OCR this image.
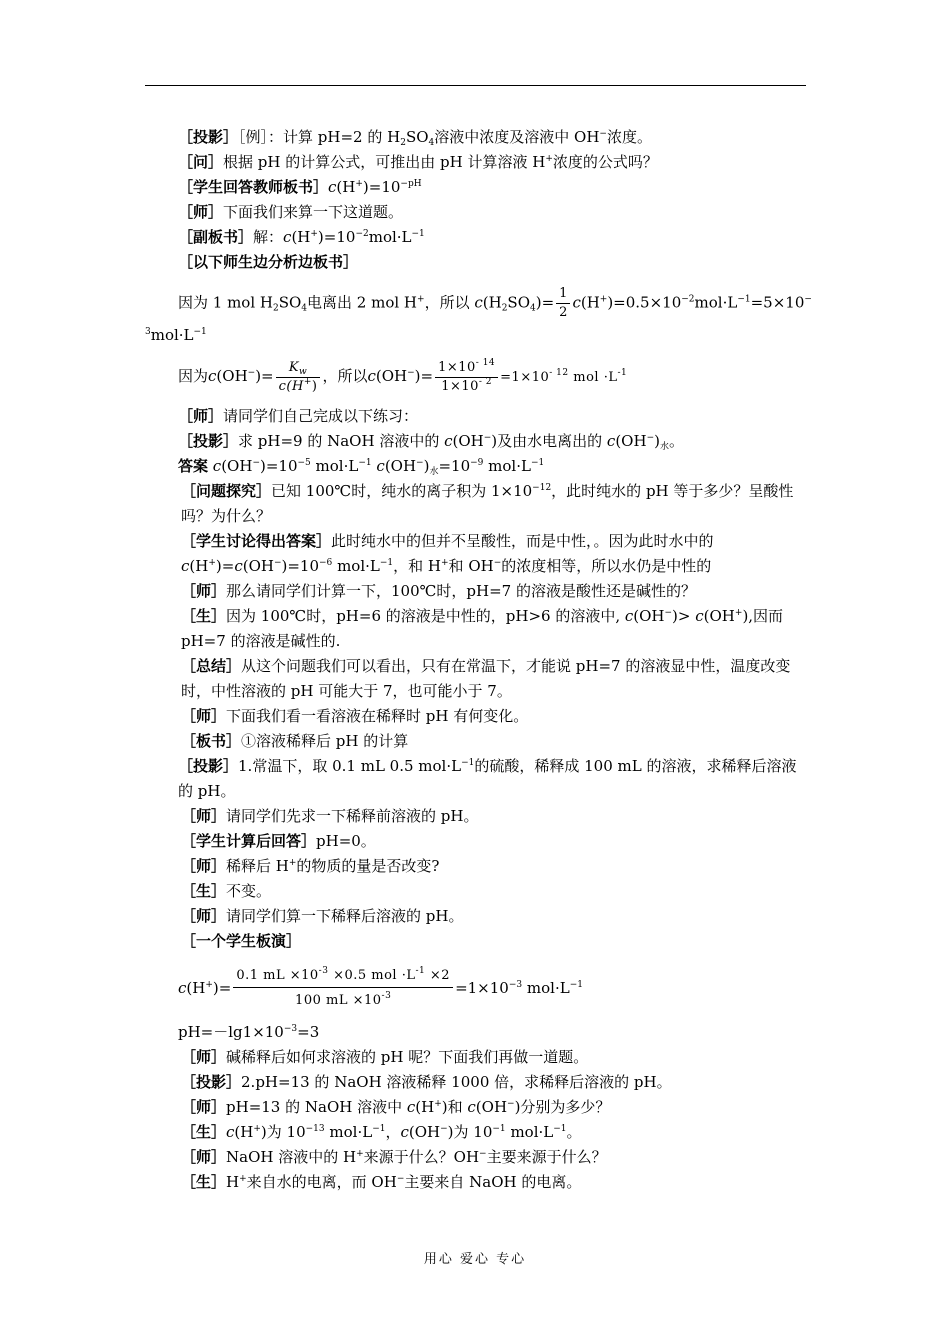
［投影］［例］：计算 pH=2 的 $H_2SO_4$溶液中浓度及溶液中 OH−浓度。

［问］根据 pH 的计算公式，可推出由 pH 计算溶液 H+浓度的公式吗？

［学生回答教师板书$]c(H^+)=10^{-pH}$

［师］下面我们来算一下这道题。

［副板书］解：$c(H^+)=10^{-2}mol\cdot L^{-1}$

［以下师生边分析边板书］

因为 1 mol $H_2SO_4$电离出 2 mol H+，所以 $c(H_2SO_4)= \frac{1}{2} c(H^+)=0.5\times 10^{-2}mol\cdot L^{-1}=5\times 10^-$

$^3mol\cdot L^{-1}$

因为$c(OH^-)= \frac{K_w}{c(H^+)}$ ，所以$c(OH^-)= \frac{1\times 10^{- 14}}{1\times 10^{- 2}} =1\times 10^{- 12}$ mol $\cdot L^{-1}$

［师］请同学们自己完成以下练习：

［投影］求 pH=9 的 NaOH 溶液中的 c(OH−)及由水电离出的 $c(OH^-)_水$。

答案 $c(OH^-)=10^{-5}$ $mol\cdot L^{-1}$ $c(OH^-)_水=10^{-9}$ $mol\cdot L^{-1}$

［问题探究］已知 100℃时，纯水的离子积为 $1\times 10^{-12}$，此时纯水的 pH 等于多少？呈酸性吗？为什么？

［学生讨论得出答案］此时纯水中的但并不呈酸性，而是中性，。因为此时水中的
$c(H^+)=c(OH^-)=10^{-6}$ $mol\cdot L^{-1}$，和 H+和 OH−的浓度相等，所以水仍是中性的

［师］那么请同学们计算一下，100℃时，pH=7 的溶液是酸性还是碱性的？

［生］因为 100℃时，pH=6 的溶液是中性的，pH>6 的溶液中, c(OH−)> c(OH+),因而 pH=7 的溶液是碱性的.

［总结］从这个问题我们可以看出，只有在常温下，才能说 pH=7 的溶液显中性，温度改变时，中性溶液的 pH 可能大于 7，也可能小于 7。

［师］下面我们看一看溶液在稀释时 pH 有何变化。

［板书］①溶液稀释后 pH 的计算

［投影］1.常温下，取 0.1 mL 0.5 $mol\cdot L^{-1}$的硫酸，稀释成 100 mL 的溶液，求稀释后溶液的 pH。

［师］请同学们先求一下稀释前溶液的 pH。

［学生计算后回答］pH=0。

［师］稀释后 H+的物质的量是否改变?

［生］不变。

［师］请同学们算一下稀释后溶液的 pH。

［一个学生板演］

$c(H^+)= \frac{0.1 mL \times 10^{-3} \times 0.5 mol \cdot L^{-1} \times 2}{100 mL \times 10^{-3}} =1\times 10^{-3}$ $mol\cdot L^{-1}$

$pH=-\lg 1\times 10^{-3}=3$

［师］碱稀释后如何求溶液的 pH 呢？下面我们再做一道题。

［投影］2.pH=13 的 NaOH 溶液稀释 1000 倍，求稀释后溶液的 pH。

［师］pH=13 的 NaOH 溶液中 c(H+)和 c(OH−)分别为多少？

［生］c(H+)为 $10^{-13}$ $mol\cdot L^{-1}$，c(OH−)为 $10^{-1}$ $mol\cdot L^{-1}$。

［师］NaOH 溶液中的 H+来源于什么？OH−主要来源于什么？

［生］H+来自水的电离，而 OH−主要来自 NaOH 的电离。

用心 爱心 专心
